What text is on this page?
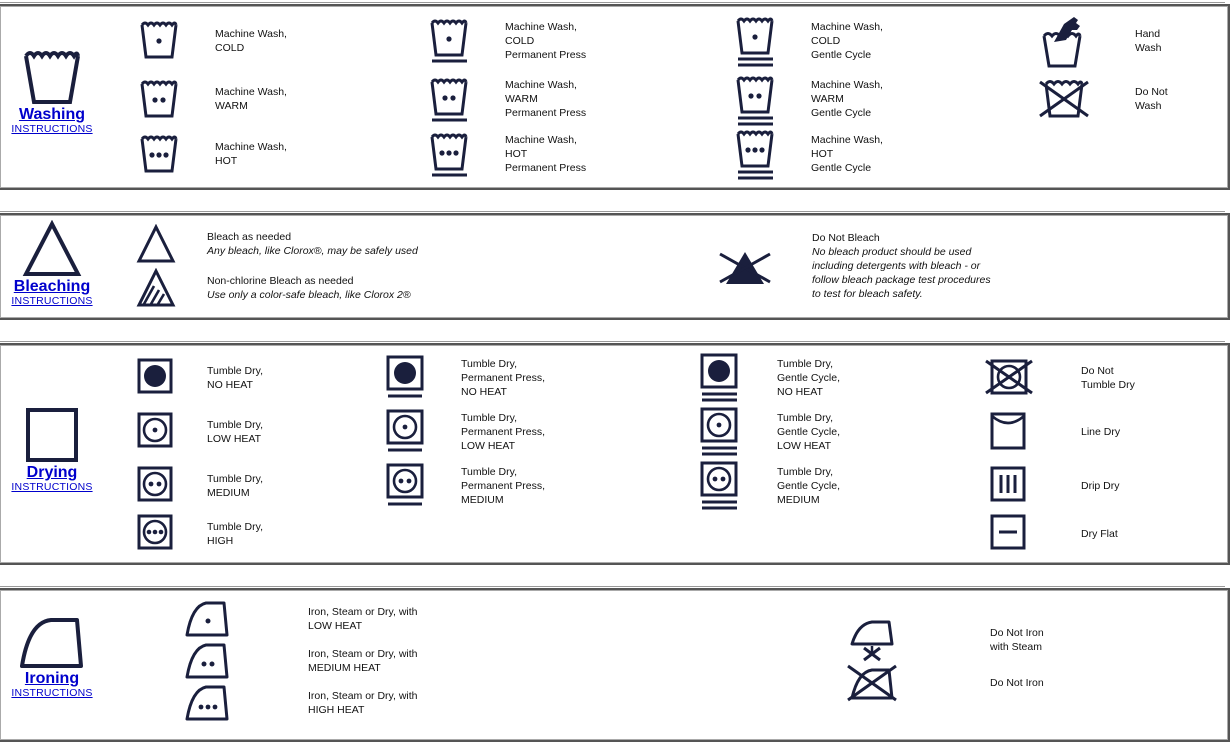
Washing
INSTRUCTIONS
Machine Wash,
COLD
Machine Wash,
WARM
Machine Wash,
HOT
Machine Wash,
COLD
Permanent Press
Machine Wash,
WARM
Permanent Press
Machine Wash,
HOT
Permanent Press
Machine Wash,
COLD
Gentle Cycle
Machine Wash,
WARM
Gentle Cycle
Machine Wash,
HOT
Gentle Cycle
Hand
Wash
Do Not
Wash
Bleaching
INSTRUCTIONS
Bleach as needed
Any bleach, like Clorox®, may be safely used
Non-chlorine Bleach as needed
Use only a color-safe bleach, like Clorox 2®
Do Not Bleach
No bleach product should be used
including detergents with bleach - or
follow bleach package test procedures
to test for bleach safety.
Drying
INSTRUCTIONS
Tumble Dry,
NO HEAT
Tumble Dry,
LOW HEAT
Tumble Dry,
MEDIUM
Tumble Dry,
HIGH
Tumble Dry,
Permanent Press,
NO HEAT
Tumble Dry,
Permanent Press,
LOW HEAT
Tumble Dry,
Permanent Press,
MEDIUM
Tumble Dry,
Gentle Cycle,
NO HEAT
Tumble Dry,
Gentle Cycle,
LOW HEAT
Tumble Dry,
Gentle Cycle,
MEDIUM
Do Not
Tumble Dry
Line Dry
Drip Dry
Dry Flat
Ironing
INSTRUCTIONS
Iron, Steam or Dry, with
LOW HEAT
Iron, Steam or Dry, with
MEDIUM HEAT
Iron, Steam or Dry, with
HIGH HEAT
Do Not Iron
with Steam
Do Not Iron
